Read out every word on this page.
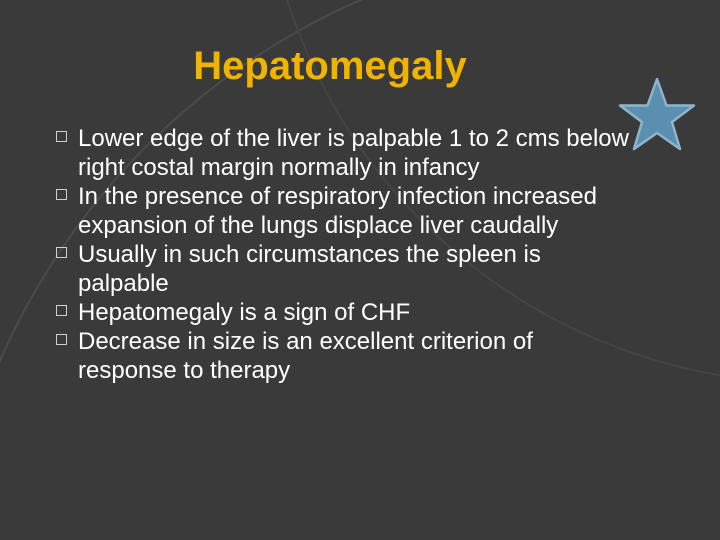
Hepatomegaly
Lower edge of the liver is palpable 1 to 2 cms below right costal margin normally in infancy
In the presence of respiratory infection increased expansion of the lungs displace liver caudally
Usually in such circumstances the spleen is palpable
Hepatomegaly is a sign of CHF
Decrease in size is an excellent criterion of response to therapy
